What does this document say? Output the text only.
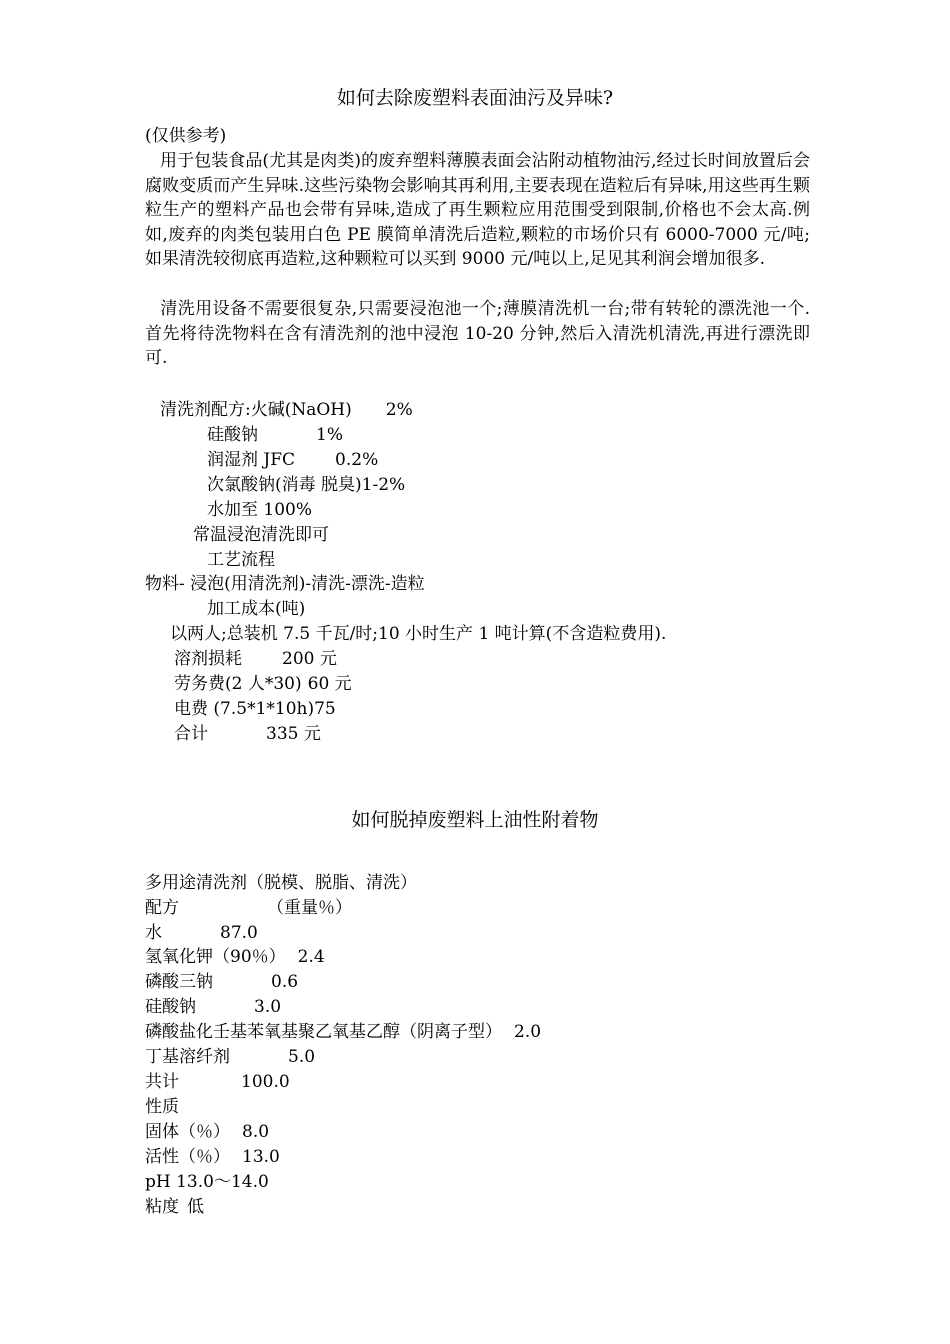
如何去除废塑料表面油污及异味?
(仅供参考)
用于包装食品(尤其是肉类)的废弃塑料薄膜表面会沾附动植物油污,经过长时间放置后会腐败变质而产生异味.这些污染物会影响其再利用,主要表现在造粒后有异味,用这些再生颗粒生产的塑料产品也会带有异味,造成了再生颗粒应用范围受到限制,价格也不会太高.例如,废弃的肉类包装用白色 PE 膜简单清洗后造粒,颗粒的市场价只有 6000-7000 元/吨;如果清洗较彻底再造粒,这种颗粒可以买到 9000 元/吨以上,足见其利润会增加很多.
清洗用设备不需要很复杂,只需要浸泡池一个;薄膜清洗机一台;带有转轮的漂洗池一个.首先将待洗物料在含有清洗剂的池中浸泡 10-20 分钟,然后入清洗机清洗,再进行漂洗即可.
清洗剂配方:火碱(NaOH) 2%
硅酸钠	1%
润湿剂 JFC 0.2%
次氯酸钠(消毒 脱臭)1-2%
水加至 100%
常温浸泡清洗即可
工艺流程
物料- 浸泡(用清洗剂)-清洗-漂洗-造粒
加工成本(吨)
以两人;总装机 7.5 千瓦/时;10 小时生产 1 吨计算(不含造粒费用).
溶剂损耗 200 元
劳务费(2 人*30) 60 元
电费 (7.5*1*10h)75
合计	335 元
如何脱掉废塑料上油性附着物
多用途清洗剂（脱模、脱脂、清洗）
配方	（重量％）
水	87.0
氢氧化钾（90％） 2.4
磷酸三钠	0.6
硅酸钠	3.0
磷酸盐化壬基苯氧基聚乙氧基乙醇（阴离子型） 2.0
丁基溶纤剂	5.0
共计	100.0
性质
固体（％） 8.0
活性（％） 13.0
pH 13.0～14.0
粘度 低
